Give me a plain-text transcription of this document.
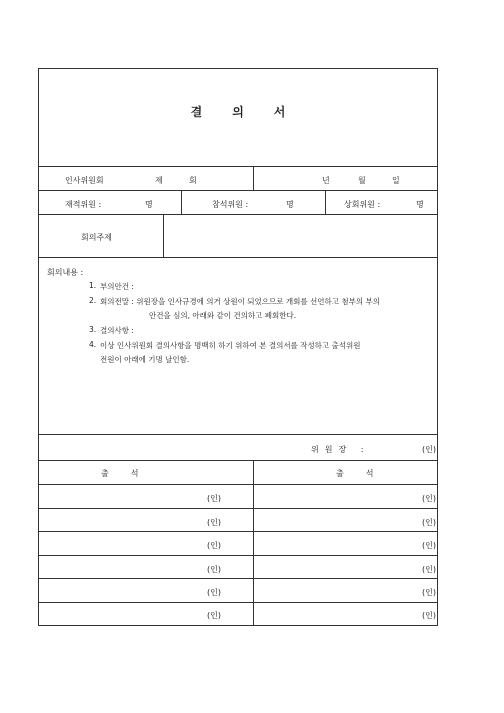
결의서
인사위원회	제	회	년	월	일
재적위원 :	명	참석위원 :	명	상회위원 :	명
회의주제
회의내용 :
1. 부의안건 :
2. 회의전말 : 위원장을 인사규경에 의거 상원이 되었으므로 개회를 선언하고 첨부의 부의
안건을 심의, 아래와 같이 건의하고 폐회한다.
3. 결의사항 :
4. 이상 인사위원회 결의사항을 명백히 하기 위하여 본 결의서를 작성하고 출석위원
전원이 아래에 기명 날인함.
위원장 :	(인)
출석	출석
(인)	(인)
(인)	(인)
(인)	(인)
(인)	(인)
(인)	(인)
(인)	(인)
